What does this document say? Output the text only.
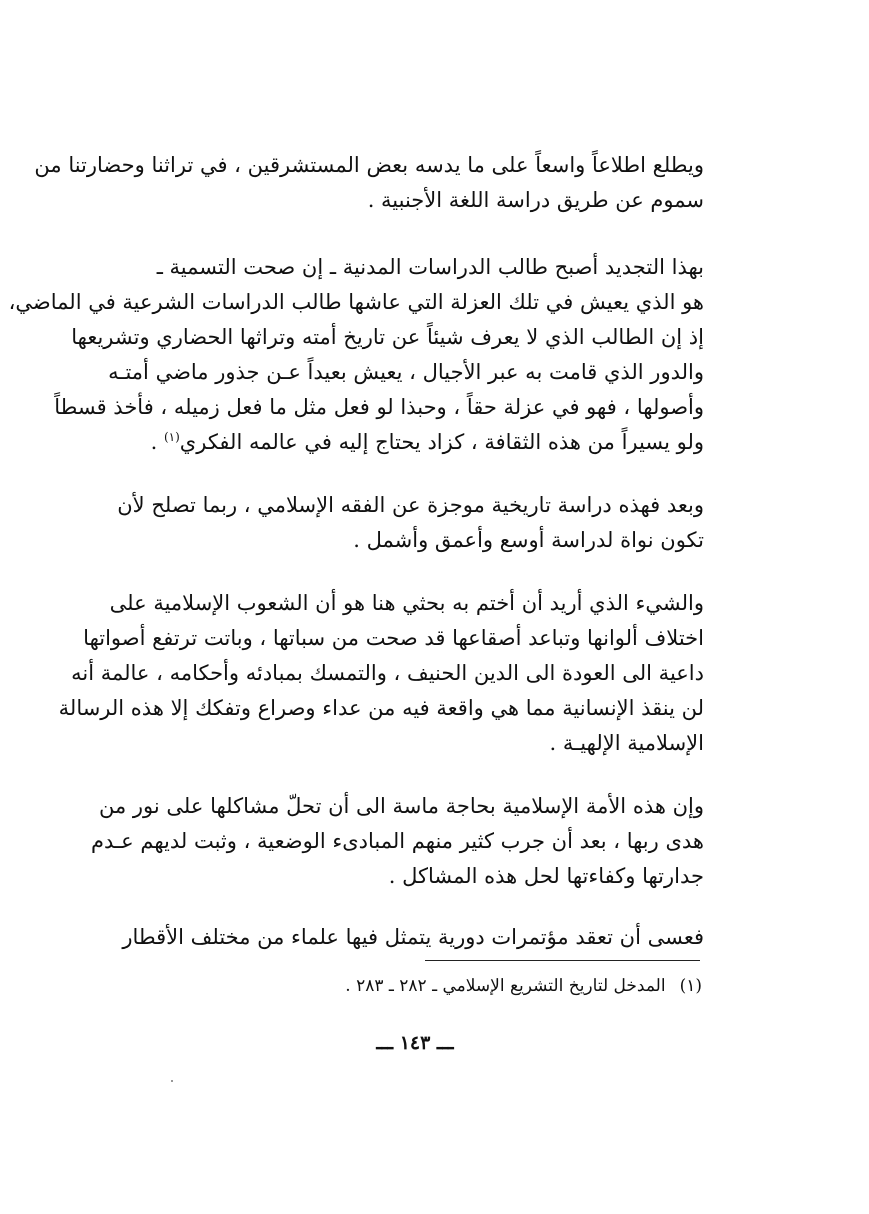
ويطلع اطلاعاً واسعاً على ما يدسه بعض المستشرقين ، في تراثنا وحضارتنا من
سموم عن طريق دراسة اللغة الأجنبية .

بهذا التجديد أصبح طالب الدراسات المدنية ـ إن صحت التسمية ـ
هو الذي يعيش في تلك العزلة التي عاشها طالب الدراسات الشرعية في الماضي،
إذ إن الطالب الذي لا يعرف شيئاً عن تاريخ أمته وتراثها الحضاري وتشريعها
والدور الذي قامت به عبر الأجيال ، يعيش بعيداً عـن جذور ماضي أمتـه
وأصولها ، فهو في عزلة حقاً ، وحبذا لو فعل مثل ما فعل زميله ، فأخذ قسطاً
ولو يسيراً من هذه الثقافة ، كزاد يحتاج إليه في عالمه الفكري$^{(١)}$ .

وبعد فهذه دراسة تاريخية موجزة عن الفقه الإسلامي ، ربما تصلح لأن
تكون نواة لدراسة أوسع وأعمق وأشمل .

والشيء الذي أريد أن أختم به بحثي هنا هو أن الشعوب الإسلامية على
اختلاف ألوانها وتباعد أصقاعها قد صحت من سباتها ، وباتت ترتفع أصواتها
داعية الى العودة الى الدين الحنيف ، والتمسك بمبادئه وأحكامه ، عالمة أنه
لن ينقذ الإنسانية مما هي واقعة فيه من عداء وصراع وتفكك إلا هذه الرسالة
الإسلامية الإلهيـة .

وإن هذه الأمة الإسلامية بحاجة ماسة الى أن تحلّ مشاكلها على نور من
هدى ربها ، بعد أن جرب كثير منهم المبادىء الوضعية ، وثبت لديهم عـدم
جدارتها وكفاءتها لحل هذه المشاكل .

فعسى أن تعقد مؤتمرات دورية يتمثل فيها علماء من مختلف الأقطار

(١)المدخل لتاريخ التشريع الإسلامي ـ ٢٨٢ ـ ٢٨٣ .
ـــ ١٤٣ ـــ
